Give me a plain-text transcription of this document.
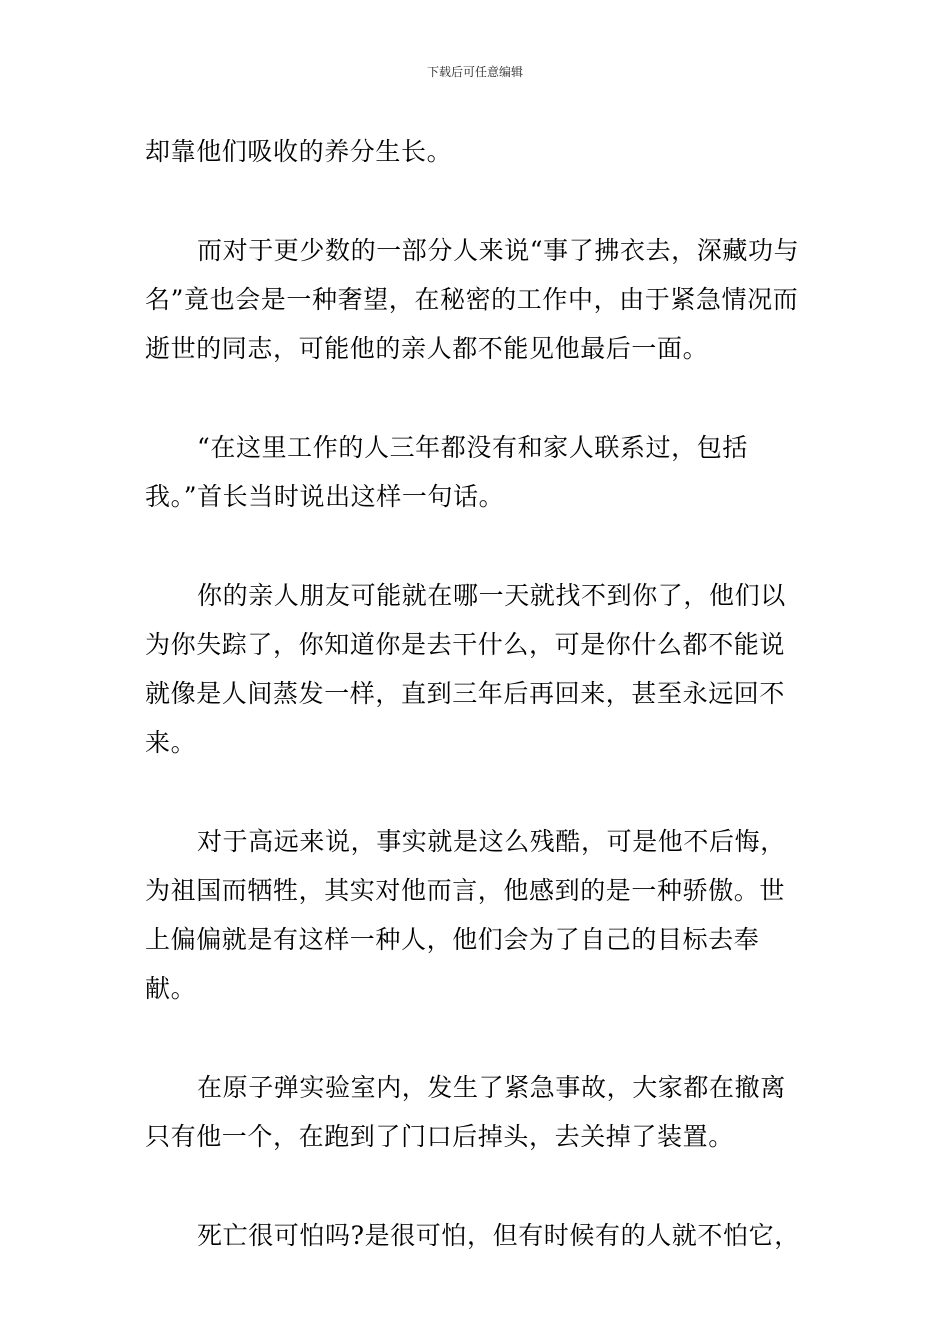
下载后可任意编辑

却靠他们吸收的养分生长。

而对于更少数的一部分人来说“事了拂衣去，深藏功与名”竟也会是一种奢望，在秘密的工作中，由于紧急情况而逝世的同志，可能他的亲人都不能见他最后一面。

“在这里工作的人三年都没有和家人联系过，包括我。”首长当时说出这样一句话。

你的亲人朋友可能就在哪一天就找不到你了，他们以为你失踪了，你知道你是去干什么，可是你什么都不能说就像是人间蒸发一样，直到三年后再回来，甚至永远回不来。

对于高远来说，事实就是这么残酷，可是他不后悔，为祖国而牺牲，其实对他而言，他感到的是一种骄傲。世上偏偏就是有这样一种人，他们会为了自己的目标去奉献。

在原子弹实验室内，发生了紧急事故，大家都在撤离只有他一个，在跑到了门口后掉头，去关掉了装置。

死亡很可怕吗?是很可怕，但有时候有的人就不怕它，
